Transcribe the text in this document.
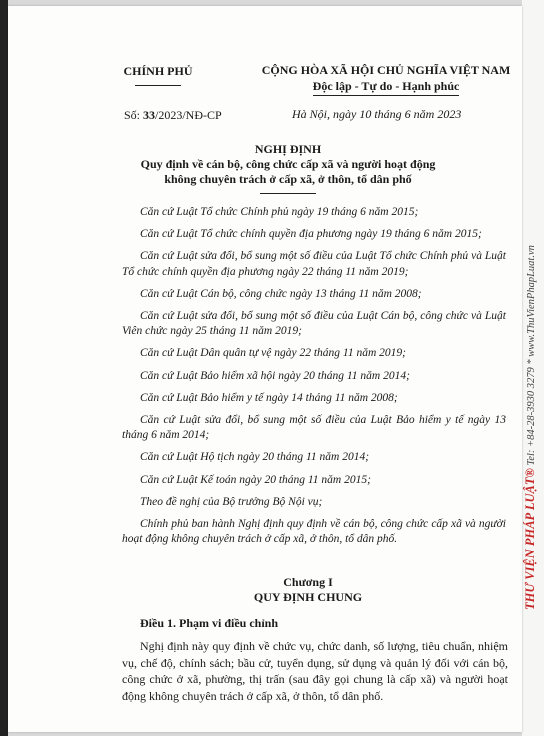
CHÍNH PHỦ	CỘNG HÒA XÃ HỘI CHỦ NGHĨA VIỆT NAM
Độc lập - Tự do - Hạnh phúc
Số: 33/2023/NĐ-CP	Hà Nội, ngày 10 tháng 6 năm 2023
NGHỊ ĐỊNH
Quy định về cán bộ, công chức cấp xã và người hoạt động
không chuyên trách ở cấp xã, ở thôn, tổ dân phố

Căn cứ Luật Tổ chức Chính phủ ngày 19 tháng 6 năm 2015;

Căn cứ Luật Tổ chức chính quyền địa phương ngày 19 tháng 6 năm 2015;

Căn cứ Luật sửa đổi, bổ sung một số điều của Luật Tổ chức Chính phủ và Luật Tổ chức chính quyền địa phương ngày 22 tháng 11 năm 2019;

Căn cứ Luật Cán bộ, công chức ngày 13 tháng 11 năm 2008;

Căn cứ Luật sửa đổi, bổ sung một số điều của Luật Cán bộ, công chức và Luật Viên chức ngày 25 tháng 11 năm 2019;

Căn cứ Luật Dân quân tự vệ ngày 22 tháng 11 năm 2019;

Căn cứ Luật Bảo hiểm xã hội ngày 20 tháng 11 năm 2014;

Căn cứ Luật Bảo hiểm y tế ngày 14 tháng 11 năm 2008;

Căn cứ Luật sửa đổi, bổ sung một số điều của Luật Bảo hiểm y tế ngày 13 tháng 6 năm 2014;

Căn cứ Luật Hộ tịch ngày 20 tháng 11 năm 2014;

Căn cứ Luật Kế toán ngày 20 tháng 11 năm 2015;

Theo đề nghị của Bộ trưởng Bộ Nội vụ;

Chính phủ ban hành Nghị định quy định về cán bộ, công chức cấp xã và người hoạt động không chuyên trách ở cấp xã, ở thôn, tổ dân phố.

Chương I
QUY ĐỊNH CHUNG
Điều 1. Phạm vi điều chỉnh

Nghị định này quy định về chức vụ, chức danh, số lượng, tiêu chuẩn, nhiệm vụ, chế độ, chính sách; bầu cử, tuyển dụng, sử dụng và quản lý đối với cán bộ, công chức ở xã, phường, thị trấn (sau đây gọi chung là cấp xã) và người hoạt động không chuyên trách ở cấp xã, ở thôn, tổ dân phố.

THƯ VIỆN PHÁP LUẬT® Tel: +84-28-3930 3279 * www.ThuVienPhapLuat.vn
